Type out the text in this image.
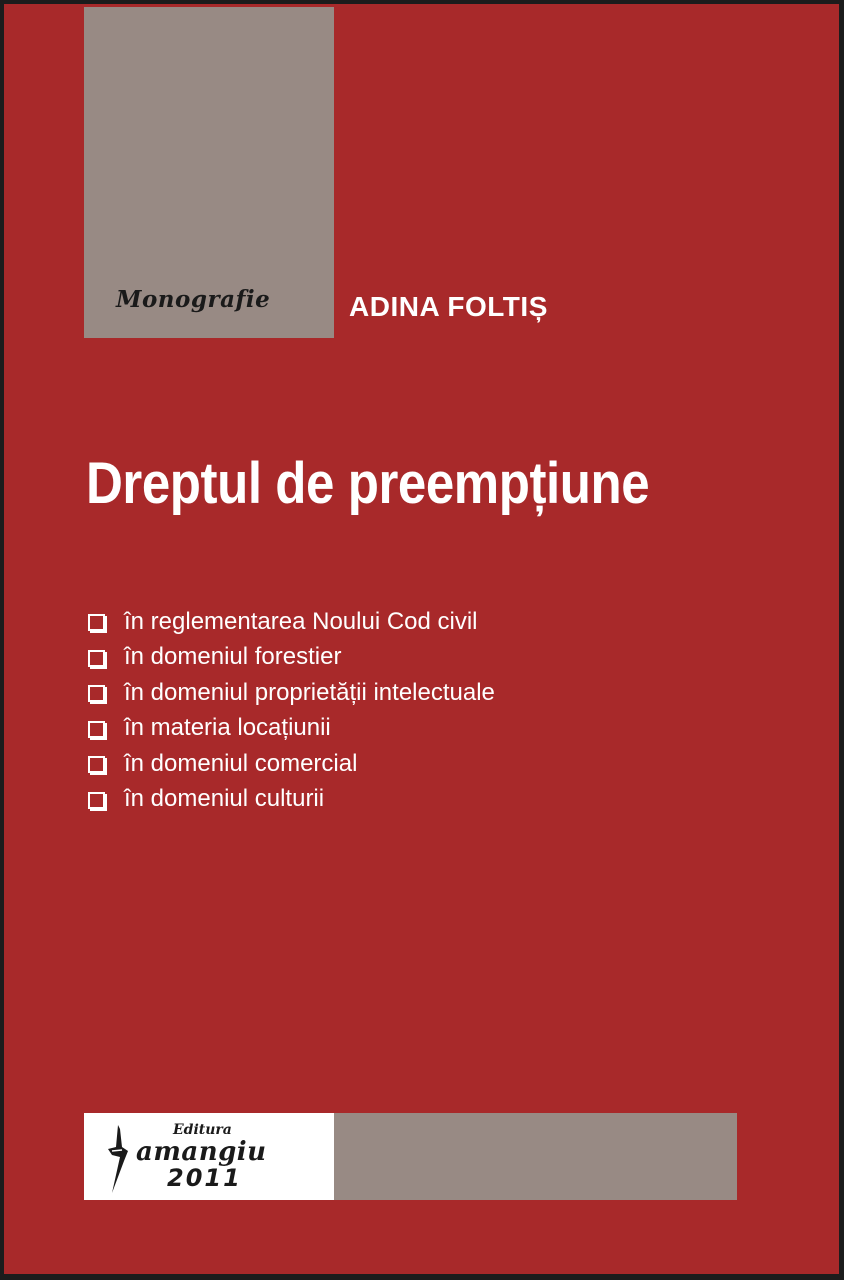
Monografie	ADINA FOLTIȘ
Dreptul de preempțiune
în reglementarea Noului Cod civil
în domeniul forestier
în domeniul proprietății intelectuale
în materia locațiunii
în domeniul comercial
în domeniul culturii
Editura
amangiu
2011
